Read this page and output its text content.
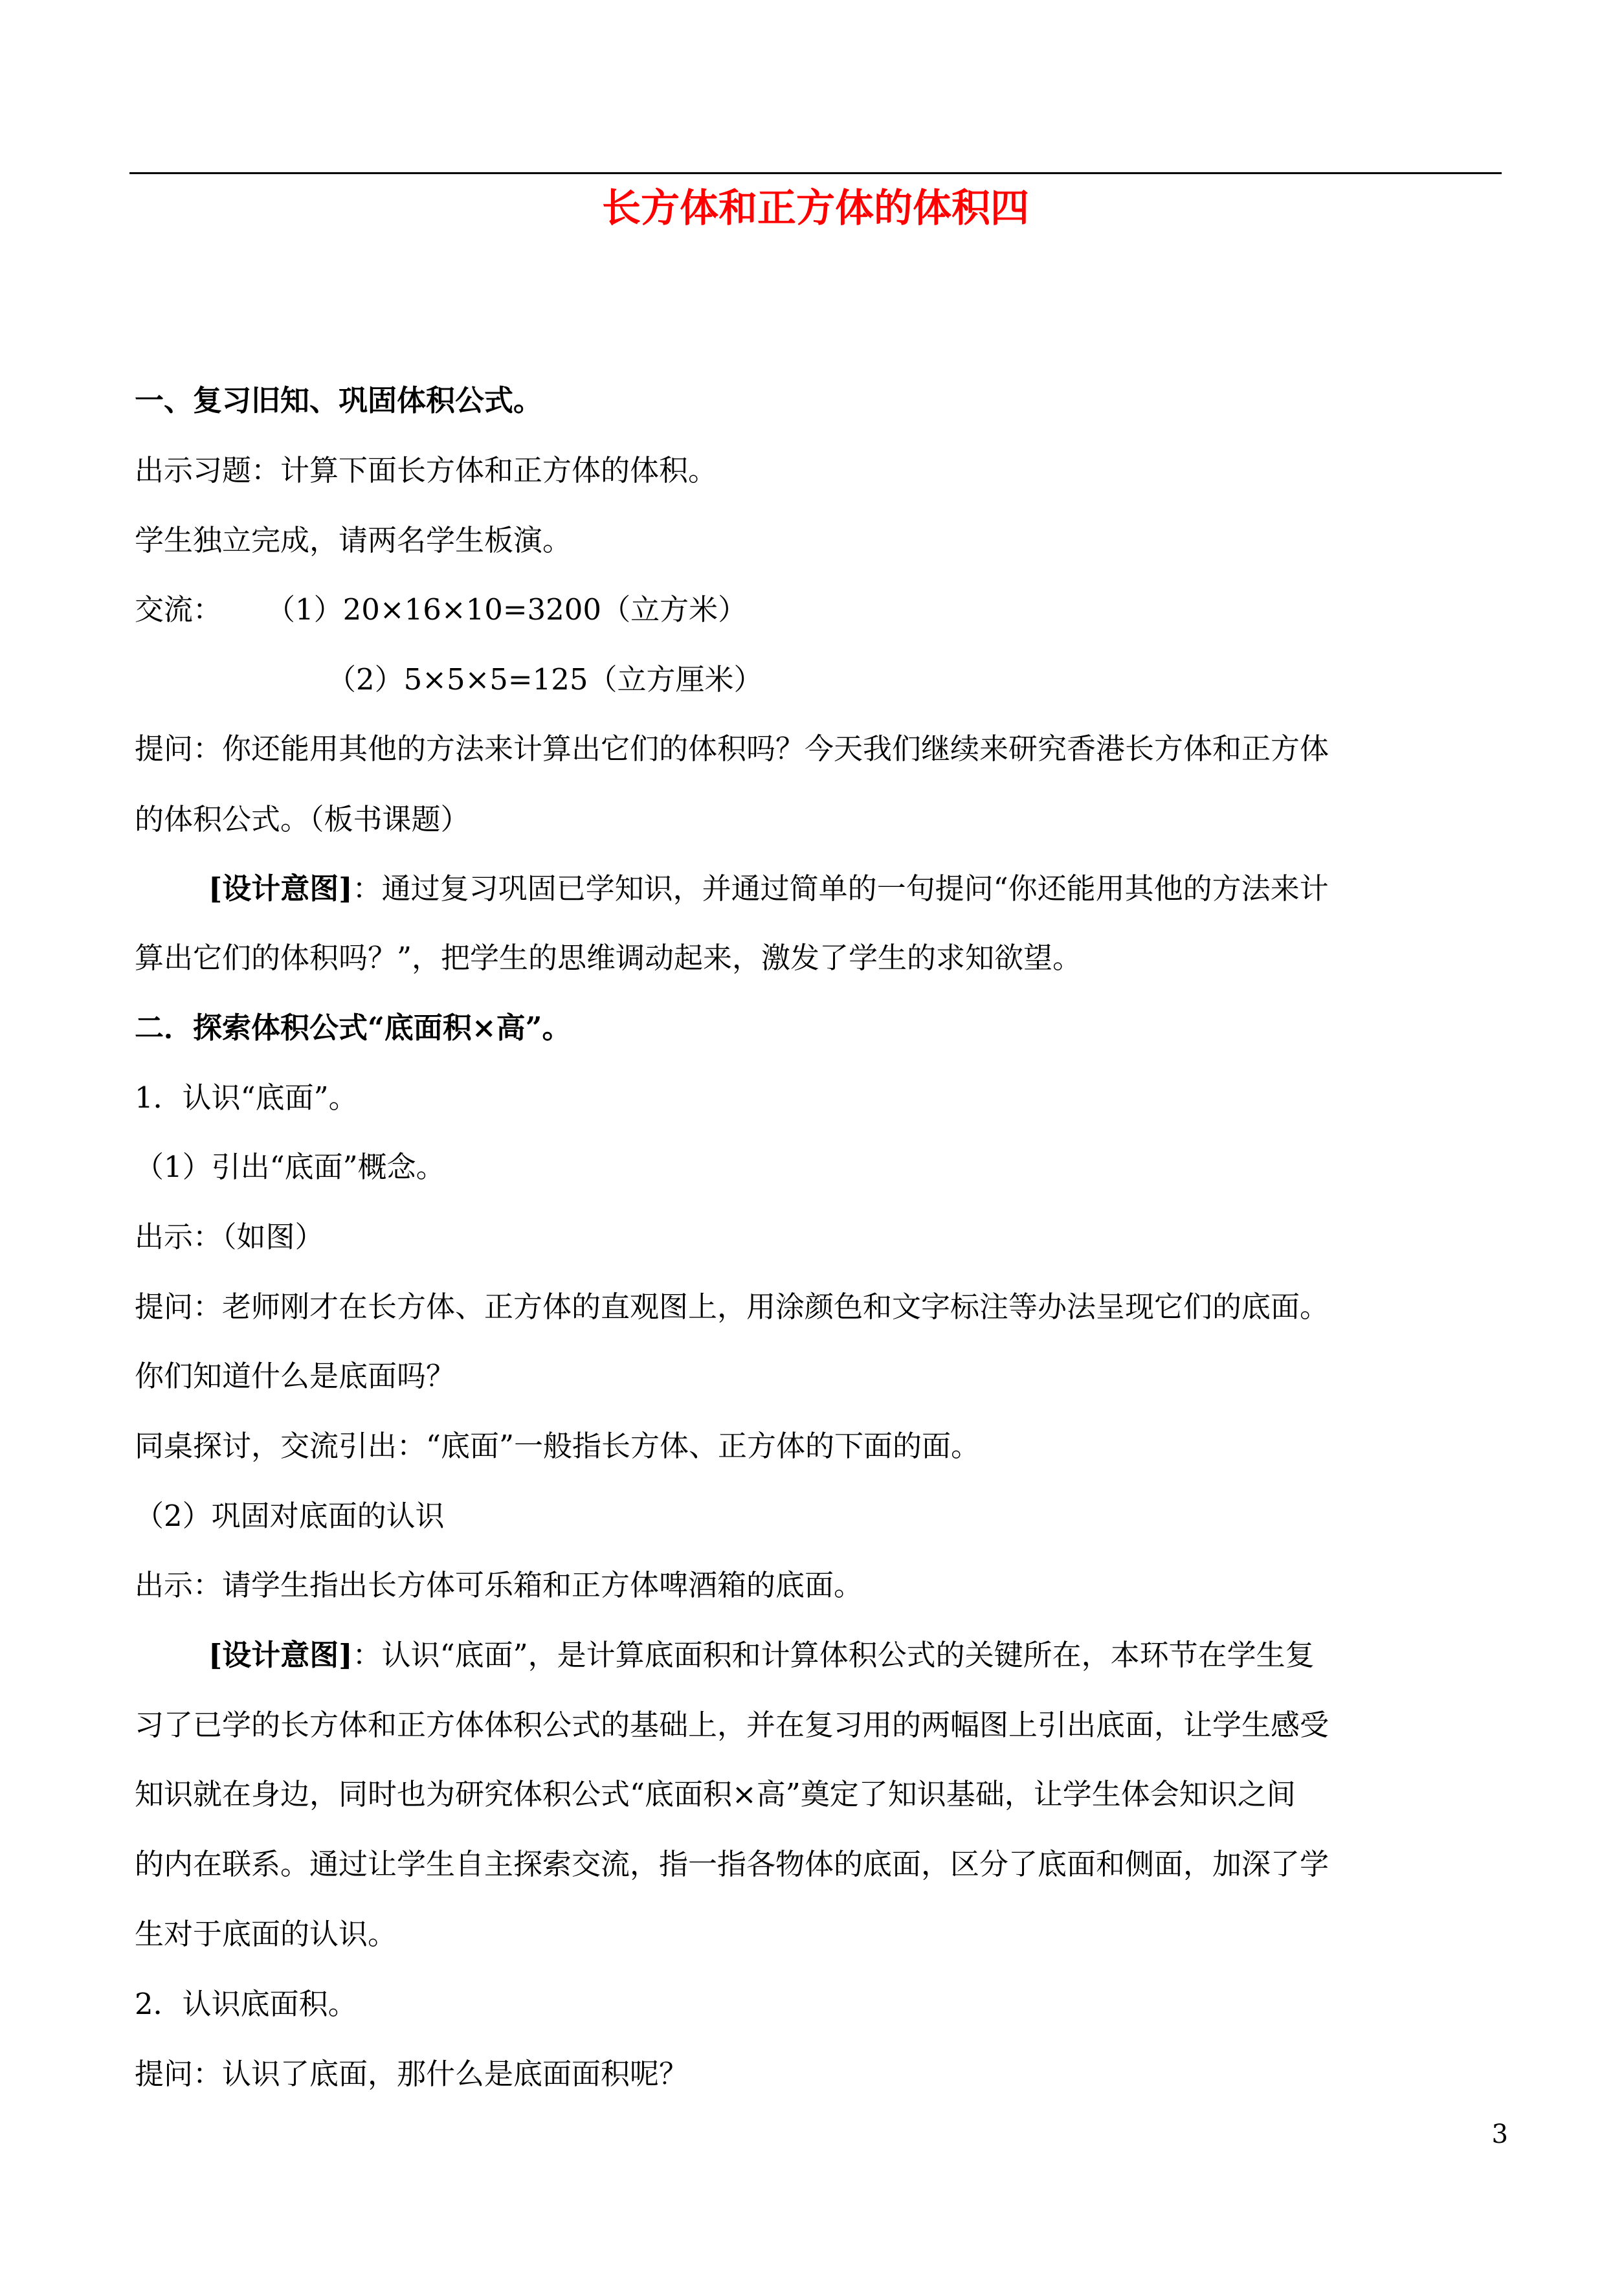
长方体和正方体的体积四
一、复习旧知、巩固体积公式。
出示习题：计算下面长方体和正方体的体积。
学生独立完成，请两名学生板演。
交流： （1）20×16×10=3200（立方米）
（2）5×5×5=125（立方厘米）
提问：你还能用其他的方法来计算出它们的体积吗？今天我们继续来研究香港长方体和正方体
的体积公式。（板书课题）
[设计意图]：通过复习巩固已学知识，并通过简单的一句提问“你还能用其他的方法来计
算出它们的体积吗？”，把学生的思维调动起来，激发了学生的求知欲望。
二．探索体积公式“底面积×高”。
1．认识“底面”。
（1）引出“底面”概念。
出示：（如图）
提问：老师刚才在长方体、正方体的直观图上，用涂颜色和文字标注等办法呈现它们的底面。
你们知道什么是底面吗？
同桌探讨，交流引出：“底面”一般指长方体、正方体的下面的面。
（2）巩固对底面的认识
出示：请学生指出长方体可乐箱和正方体啤酒箱的底面。
[设计意图]：认识“底面”，是计算底面积和计算体积公式的关键所在，本环节在学生复
习了已学的长方体和正方体体积公式的基础上，并在复习用的两幅图上引出底面，让学生感受
知识就在身边，同时也为研究体积公式“底面积×高”奠定了知识基础，让学生体会知识之间
的内在联系。通过让学生自主探索交流，指一指各物体的底面，区分了底面和侧面，加深了学
生对于底面的认识。
2．认识底面积。
提问：认识了底面，那什么是底面面积呢？
3
